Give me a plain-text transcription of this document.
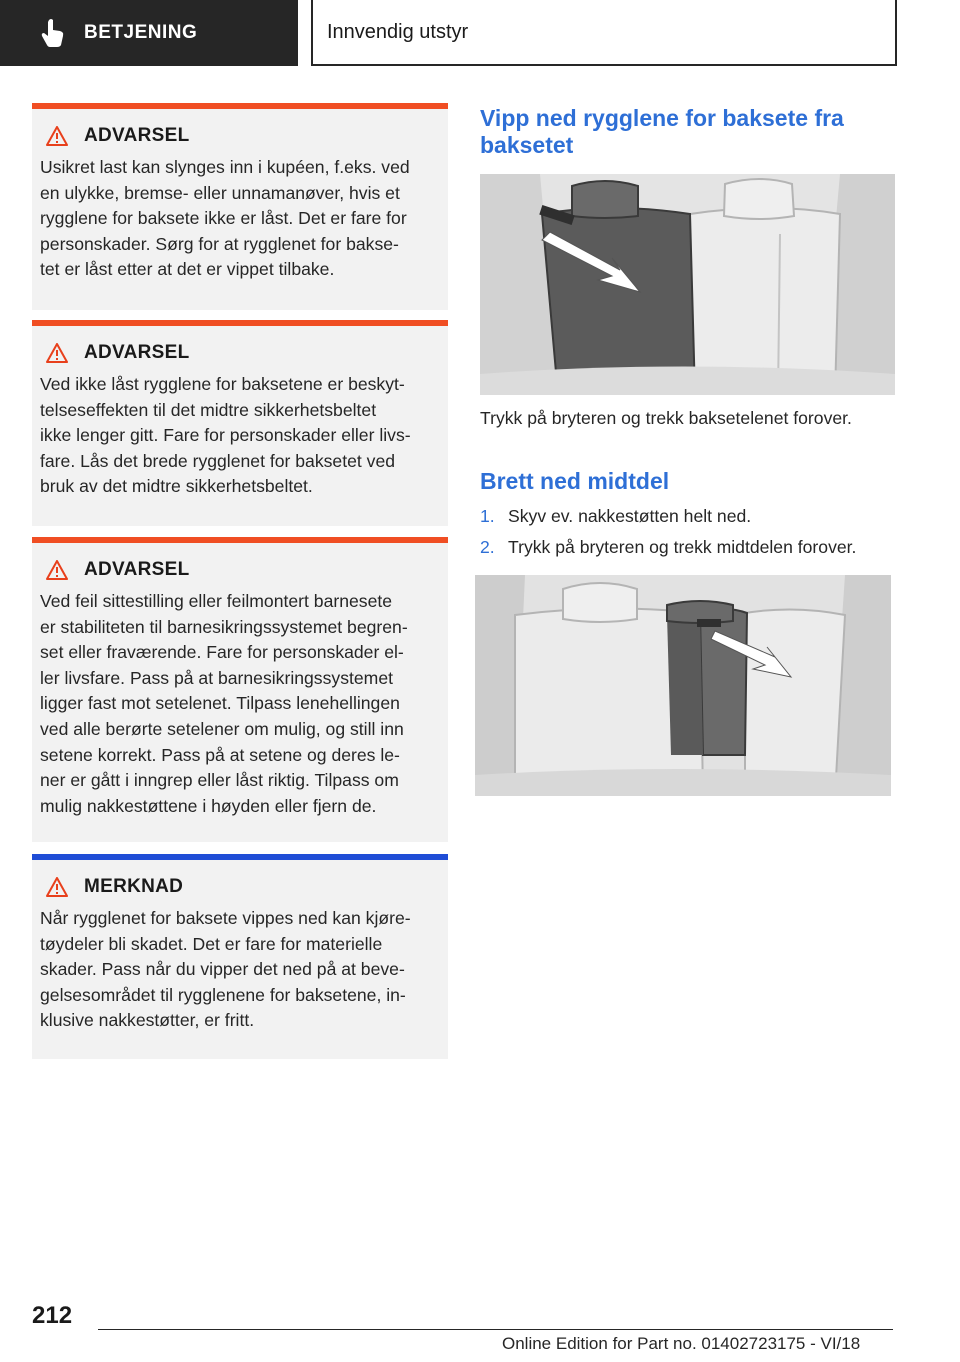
BETJENING	Innvendig utstyr
ADVARSEL
Usikret last kan slynges inn i kupéen, f.eks. ved
en ulykke, bremse- eller unnamanøver, hvis et
rygglene for baksete ikke er låst. Det er fare for
personskader. Sørg for at rygglenet for bakse-
tet er låst etter at det er vippet tilbake.
ADVARSEL
Ved ikke låst rygglene for baksetene er beskyt-
telseseffekten til det midtre sikkerhetsbeltet
ikke lenger gitt. Fare for personskader eller livs-
fare. Lås det brede rygglenet for baksetet ved
bruk av det midtre sikkerhetsbeltet.
ADVARSEL
Ved feil sittestilling eller feilmontert barnesete
er stabiliteten til barnesikringssystemet begren-
set eller fraværende. Fare for personskader el-
ler livsfare. Pass på at barnesikringssystemet
ligger fast mot setelenet. Tilpass lenehellingen
ved alle berørte setelener om mulig, og still inn
setene korrekt. Pass på at setene og deres le-
ner er gått i inngrep eller låst riktig. Tilpass om
mulig nakkestøttene i høyden eller fjern de.
MERKNAD
Når rygglenet for baksete vippes ned kan kjøre-
tøydeler bli skadet. Det er fare for materielle
skader. Pass når du vipper det ned på at beve-
gelsesområdet til rygglenene for baksetene, in-
klusive nakkestøtter, er fritt.
Vipp ned rygglene for baksete fra
baksetet
Trykk på bryteren og trekk baksetelenet forover.
Brett ned midtdel
1. Skyv ev. nakkestøtten helt ned.
2. Trykk på bryteren og trekk midtdelen forover.
212
Online Edition for Part no. 01402723175 - VI/18
